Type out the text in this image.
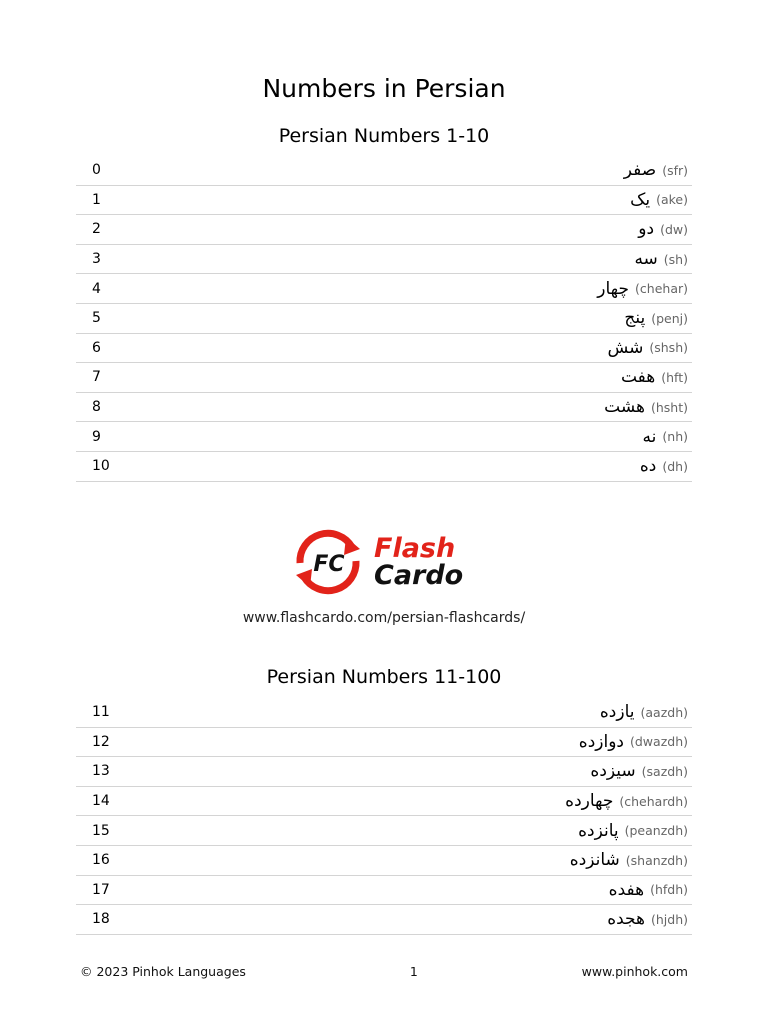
Numbers in Persian
Persian Numbers 1-10
0	صفر (sfr)
1	یک (ake)
2	دو (dw)
3	سه (sh)
4	چهار (chehar)
5	پنج (penj)
6	شش (shsh)
7	هفت (hft)
8	هشت (hsht)
9	نه (nh)
10	ده (dh)
FC
Flash
Cardo
www.flashcardo.com/persian-flashcards/
Persian Numbers 11-100
11	یازده (aazdh)
12	دوازده (dwazdh)
13	سیزده (sazdh)
14	چهارده (chehardh)
15	پانزده (peanzdh)
16	شانزده (shanzdh)
17	هفده (hfdh)
18	هجده (hjdh)
© 2023 Pinhok Languages	1	www.pinhok.com
